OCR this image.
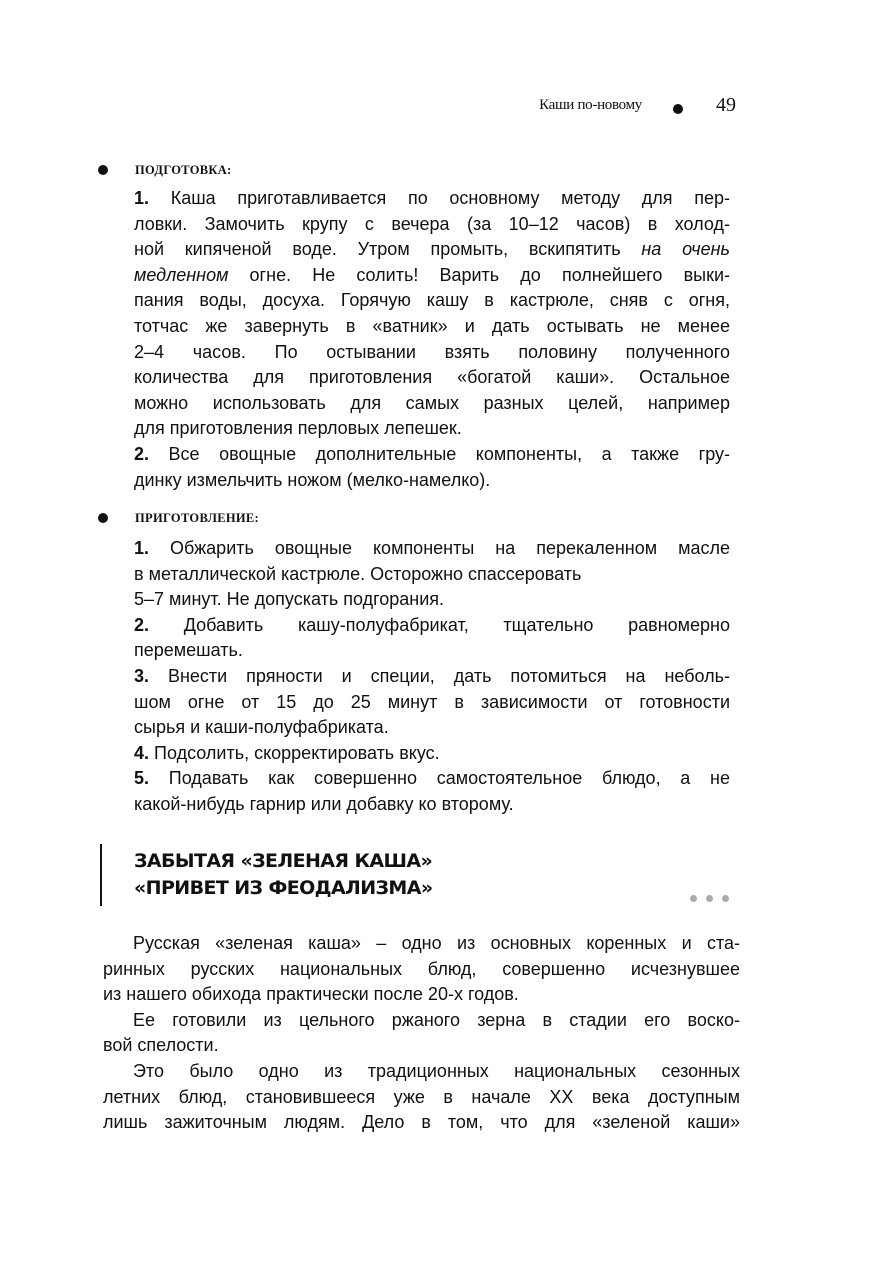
Каши по-новому	49
ПОДГОТОВКА:
1. Каша приготавливается по основному методу для пер-
ловки. Замочить крупу с вечера (за 10–12 часов) в холод-
ной кипяченой воде. Утром промыть, вскипятить на очень
медленном огне. Не солить! Варить до полнейшего выки-
пания воды, досуха. Горячую кашу в кастрюле, сняв с огня,
тотчас же завернуть в «ватник» и дать остывать не менее
2–4 часов. По остывании взять половину полученного
количества для приготовления «богатой каши». Остальное
можно использовать для самых разных целей, например
для приготовления перловых лепешек.
2. Все овощные дополнительные компоненты, а также гру-
динку измельчить ножом (мелко-намелко).
ПРИГОТОВЛЕНИЕ:
1. Обжарить овощные компоненты на перекаленном масле
в металлической кастрюле. Осторожно спассеровать
5–7 минут. Не допускать подгорания.
2. Добавить кашу-полуфабрикат, тщательно равномерно
перемешать.
3. Внести пряности и специи, дать потомиться на неболь-
шом огне от 15 до 25 минут в зависимости от готовности
сырья и каши-полуфабриката.
4. Подсолить, скорректировать вкус.
5. Подавать как совершенно самостоятельное блюдо, а не
какой-нибудь гарнир или добавку ко второму.
ЗАБЫТАЯ «ЗЕЛЕНАЯ КАША»
«ПРИВЕТ ИЗ ФЕОДАЛИЗМА»
Русская «зеленая каша» – одно из основных коренных и ста-
ринных русских национальных блюд, совершенно исчезнувшее
из нашего обихода практически после 20-х годов.
Ее готовили из цельного ржаного зерна в стадии его воско-
вой спелости.
Это было одно из традиционных национальных сезонных
летних блюд, становившееся уже в начале XX века доступным
лишь зажиточным людям. Дело в том, что для «зеленой каши»
